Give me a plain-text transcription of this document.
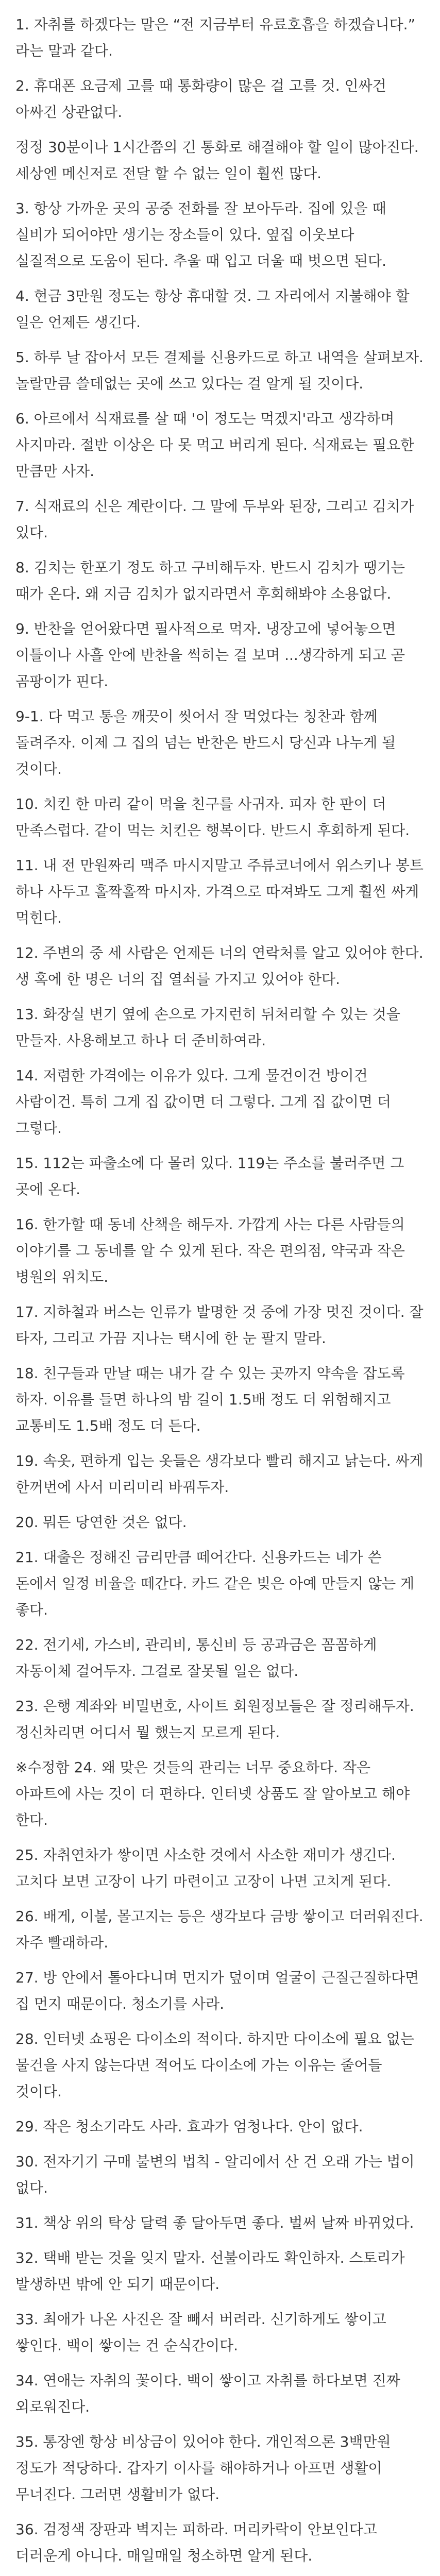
1. 자취를 하겠다는 말은 “전 지금부터 유료호흡을 하겠습니다.” 라는 말과 같다.

2. 휴대폰 요금제 고를 때 통화량이 많은 걸 고를 것. 인싸건 아싸건 상관없다.

정정 30분이나 1시간쯤의 긴 통화로 해결해야 할 일이 많아진다. 세상엔 메신저로 전달 할 수 없는 일이 훨씬 많다.

3. 항상 가까운 곳의 공중 전화를 잘 보아두라. 집에 있을 때 실비가 되어야만 생기는 장소들이 있다. 옆집 이웃보다 실질적으로 도움이 된다. 추울 때 입고 더울 때 벗으면 된다.

4. 현금 3만원 정도는 항상 휴대할 것. 그 자리에서 지불해야 할 일은 언제든 생긴다.

5. 하루 날 잡아서 모든 결제를 신용카드로 하고 내역을 살펴보자. 놀랄만큼 쓸데없는 곳에 쓰고 있다는 걸 알게 될 것이다.

6. 아르에서 식재료를 살 때 '이 정도는 먹겠지'라고 생각하며 사지마라. 절반 이상은 다 못 먹고 버리게 된다. 식재료는 필요한 만큼만 사자.

7. 식재료의 신은 계란이다. 그 말에 두부와 된장, 그리고 김치가 있다.

8. 김치는 한포기 정도 하고 구비해두자. 반드시 김치가 땡기는 때가 온다. 왜 지금 김치가 없지라면서 후회해봐야 소용없다.

9. 반찬을 얻어왔다면 필사적으로 먹자. 냉장고에 넣어놓으면 이틀이나 사흘 안에 반찬을 썩히는 걸 보며 ...생각하게 되고 곧 곰팡이가 핀다.

9-1. 다 먹고 통을 깨끗이 씻어서 잘 먹었다는 칭찬과 함께 돌려주자. 이제 그 집의 넘는 반찬은 반드시 당신과 나누게 될 것이다.

10. 치킨 한 마리 같이 먹을 친구를 사귀자. 피자 한 판이 더 만족스럽다. 같이 먹는 치킨은 행복이다. 반드시 후회하게 된다.

11. 내 전 만원짜리 맥주 마시지말고 주류코너에서 위스키나 봉트 하나 사두고 홀짝홀짝 마시자. 가격으로 따져봐도 그게 훨씬 싸게 먹힌다.

12. 주변의 중 세 사람은 언제든 너의 연락처를 알고 있어야 한다. 생 혹에 한 명은 너의 집 열쇠를 가지고 있어야 한다.

13. 화장실 변기 옆에 손으로 가지런히 뒤처리할 수 있는 것을 만들자. 사용해보고 하나 더 준비하여라.

14. 저렴한 가격에는 이유가 있다. 그게 물건이건 방이건 사람이건. 특히 그게 집 값이면 더 그렇다. 그게 집 값이면 더 그렇다.

15. 112는 파출소에 다 몰려 있다. 119는 주소를 불러주면 그 곳에 온다.

16. 한가할 때 동네 산책을 해두자. 가깝게 사는 다른 사람들의 이야기를 그 동네를 알 수 있게 된다. 작은 편의점, 약국과 작은 병원의 위치도.

17. 지하철과 버스는 인류가 발명한 것 중에 가장 멋진 것이다. 잘 타자, 그리고 가끔 지나는 택시에 한 눈 팔지 말라.

18. 친구들과 만날 때는 내가 갈 수 있는 곳까지 약속을 잡도록 하자. 이유를 들면 하나의 밤 길이 1.5배 정도 더 위험해지고 교통비도 1.5배 정도 더 든다.

19. 속옷, 편하게 입는 옷들은 생각보다 빨리 해지고 낡는다. 싸게 한꺼번에 사서 미리미리 바꿔두자.

20. 뭐든 당연한 것은 없다.

21. 대출은 정해진 금리만큼 떼어간다. 신용카드는 네가 쓴 돈에서 일정 비율을 떼간다. 카드 같은 빚은 아예 만들지 않는 게 좋다.

22. 전기세, 가스비, 관리비, 통신비 등 공과금은 꼼꼼하게 자동이체 걸어두자. 그걸로 잘못될 일은 없다.

23. 은행 계좌와 비밀번호, 사이트 회원정보들은 잘 정리해두자. 정신차리면 어디서 뭘 했는지 모르게 된다.

※수정함 24. 왜 맞은 것들의 관리는 너무 중요하다. 작은 아파트에 사는 것이 더 편하다. 인터넷 상품도 잘 알아보고 해야 한다.

25. 자취연차가 쌓이면 사소한 것에서 사소한 재미가 생긴다. 고치다 보면 고장이 나기 마련이고 고장이 나면 고치게 된다.

26. 배게, 이불, 몰고지는 등은 생각보다 금방 쌓이고 더러워진다. 자주 빨래하라.

27. 방 안에서 톨아다니며 먼지가 덮이며 얼굴이 근질근질하다면 집 먼지 때문이다. 청소기를 사라.

28. 인터넷 쇼핑은 다이소의 적이다. 하지만 다이소에 필요 없는 물건을 사지 않는다면 적어도 다이소에 가는 이유는 줄어들 것이다.

29. 작은 청소기라도 사라. 효과가 엄청나다. 안이 없다.

30. 전자기기 구매 불변의 법칙 - 알리에서 산 건 오래 가는 법이 없다.

31. 책상 위의 탁상 달력 좋 달아두면 좋다. 벌써 날짜 바뀌었다.

32. 택배 받는 것을 잊지 말자. 선불이라도 확인하자. 스토리가 발생하면 밖에 안 되기 때문이다.

33. 최애가 나온 사진은 잘 빼서 버려라. 신기하게도 쌓이고 쌓인다. 백이 쌓이는 건 순식간이다.

34. 연애는 자취의 꽃이다. 백이 쌓이고 자취를 하다보면 진짜 외로워진다.

35. 통장엔 항상 비상금이 있어야 한다. 개인적으론 3백만원 정도가 적당하다. 갑자기 이사를 해야하거나 아프면 생활이 무너진다. 그러면 생활비가 없다.

36. 검정색 장판과 벽지는 피하라. 머리카락이 안보인다고 더러운게 아니다. 매일매일 청소하면 알게 된다.
